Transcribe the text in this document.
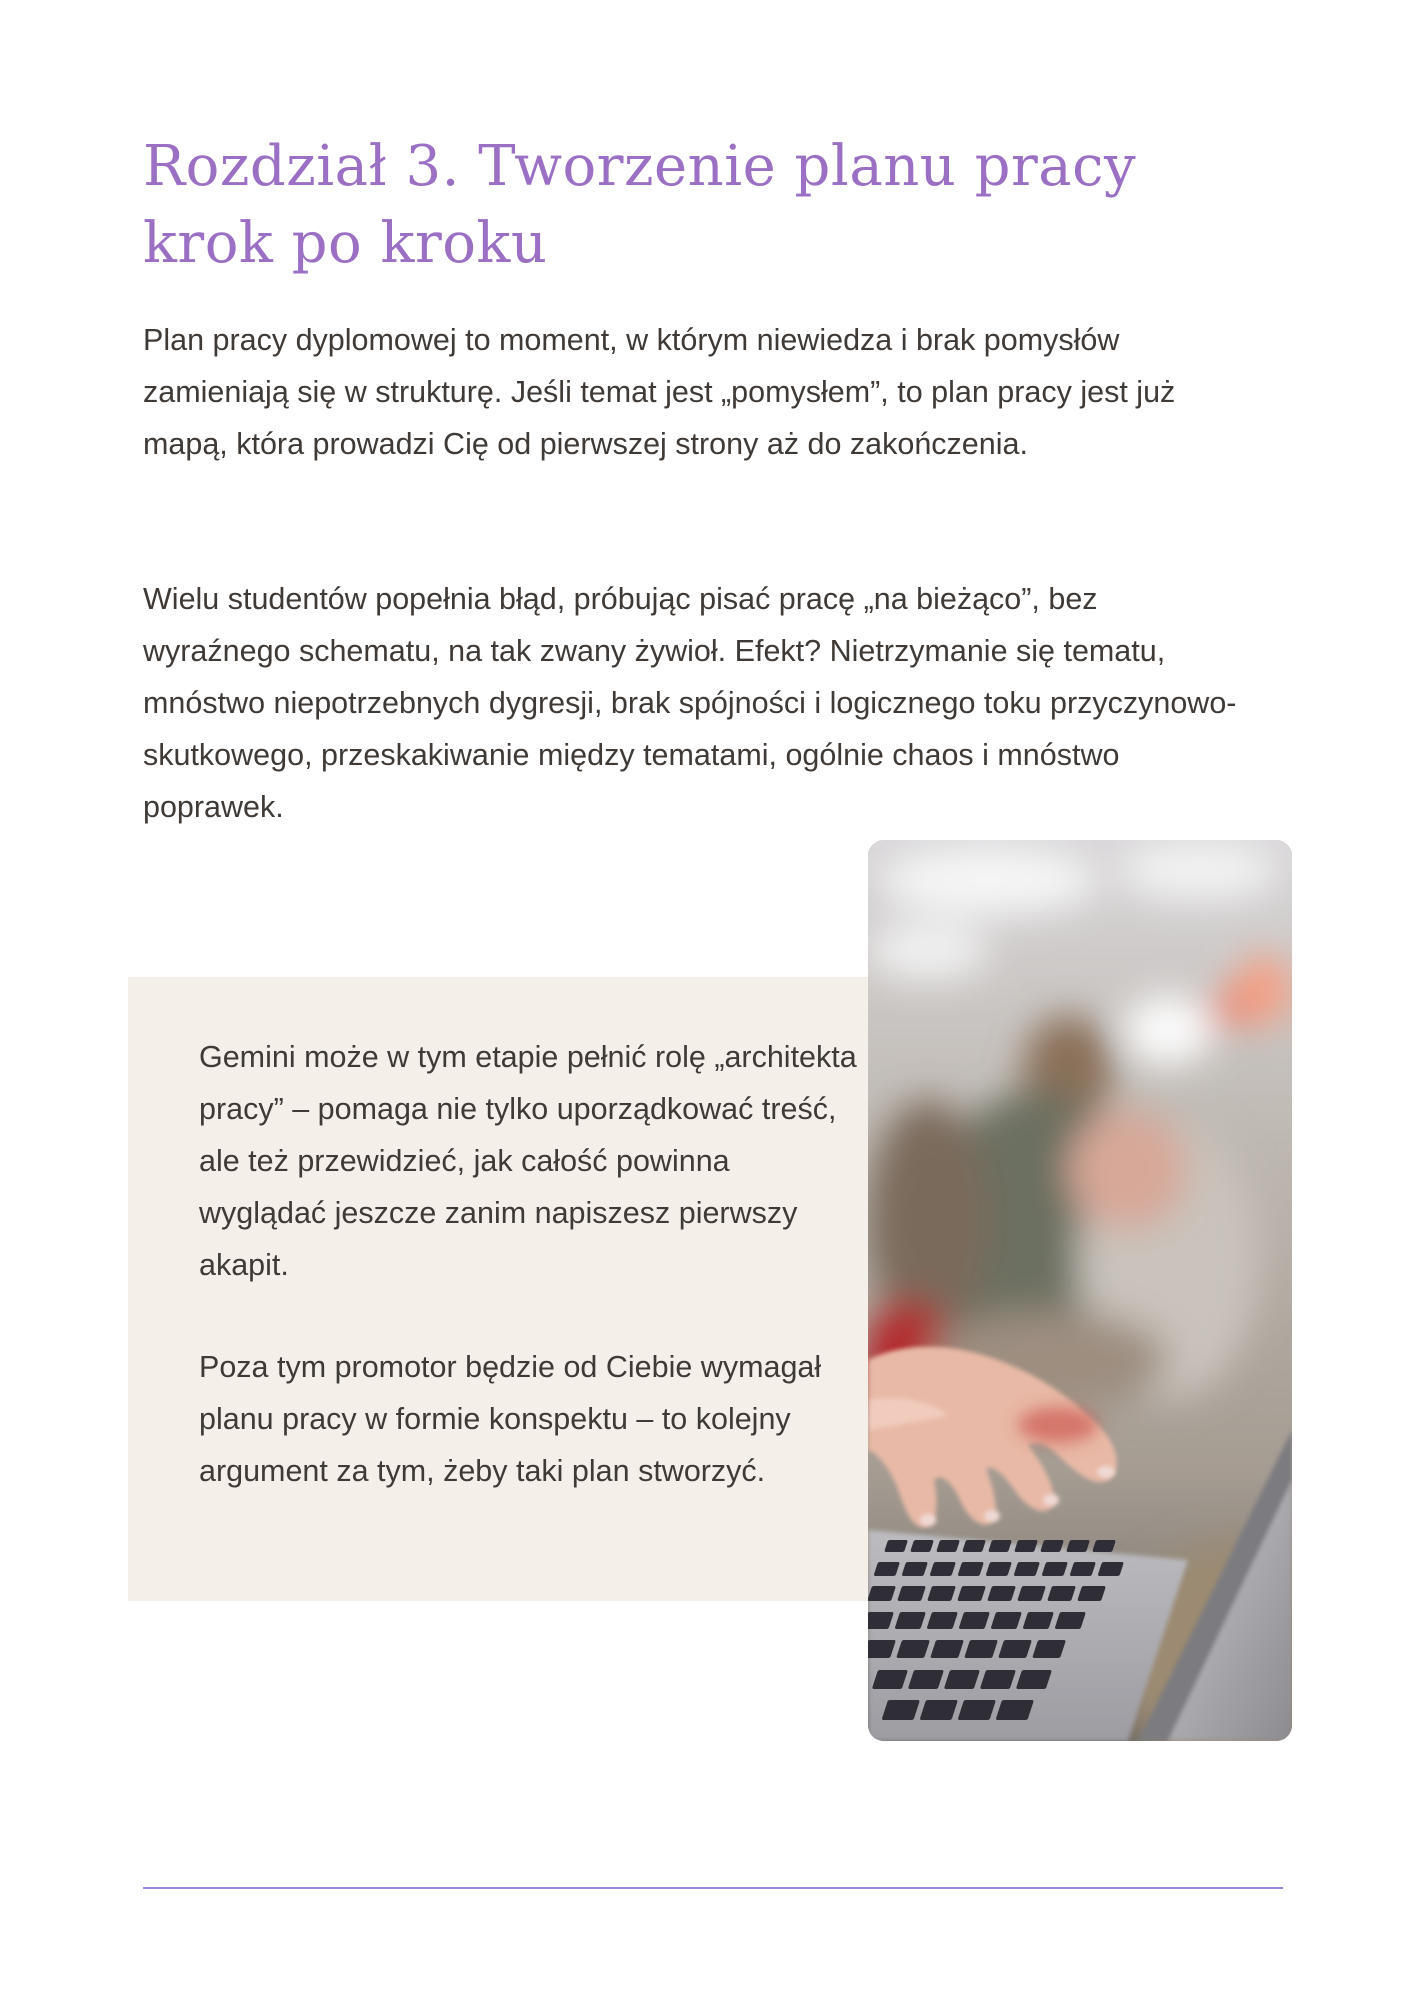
Rozdział 3. Tworzenie planu pracy krok po kroku

Plan pracy dyplomowej to moment, w którym niewiedza i brak pomysłów zamieniają się w strukturę. Jeśli temat jest „pomysłem”, to plan pracy jest już mapą, która prowadzi Cię od pierwszej strony aż do zakończenia.

Wielu studentów popełnia błąd, próbując pisać pracę „na bieżąco”, bez wyraźnego schematu, na tak zwany żywioł. Efekt? Nietrzymanie się tematu, mnóstwo niepotrzebnych dygresji, brak spójności i logicznego toku przyczynowo-skutkowego, przeskakiwanie między tematami, ogólnie chaos i mnóstwo poprawek.

Gemini może w tym etapie pełnić rolę „architekta pracy” – pomaga nie tylko uporządkować treść, ale też przewidzieć, jak całość powinna wyglądać jeszcze zanim napiszesz pierwszy akapit.

Poza tym promotor będzie od Ciebie wymagał planu pracy w formie konspektu – to kolejny argument za tym, żeby taki plan stworzyć.
